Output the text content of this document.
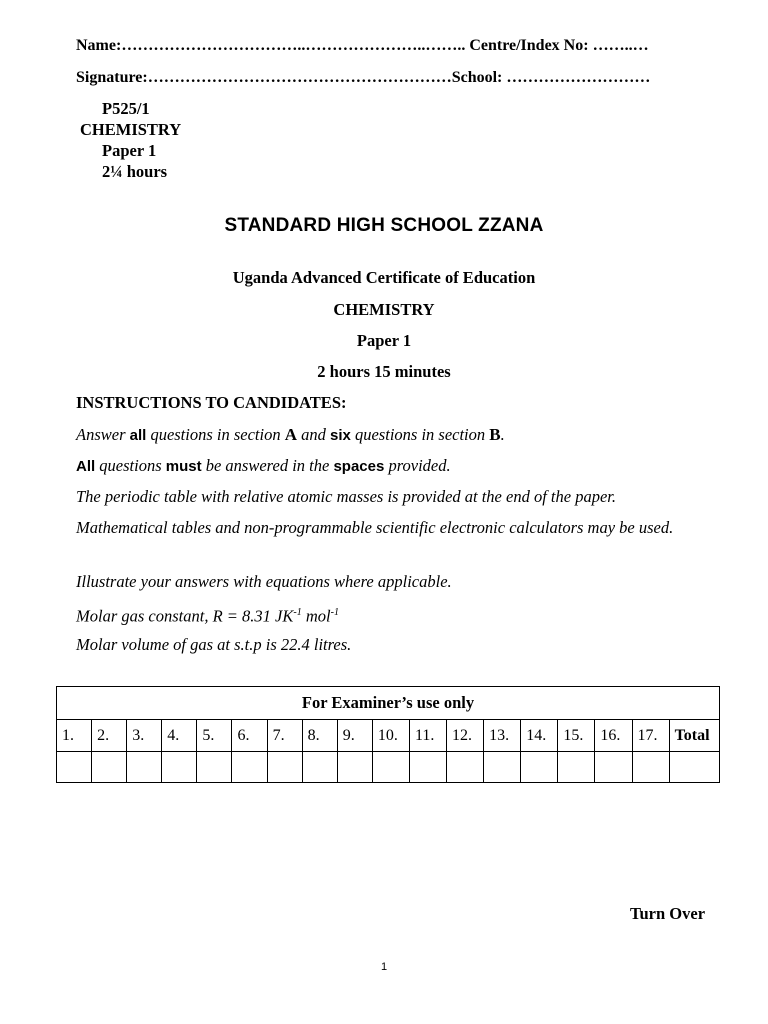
Name:……………………………..…………………..…….. Centre/Index No: ……..…
Signature:…………………………………………………School: ………………………
P525/1
CHEMISTRY
Paper 1
2¼ hours
STANDARD HIGH SCHOOL ZZANA
Uganda Advanced Certificate of Education
CHEMISTRY
Paper 1
2 hours 15 minutes
INSTRUCTIONS TO CANDIDATES:
Answer all questions in section A and six questions in section B.
All questions must be answered in the spaces provided.
The periodic table with relative atomic masses is provided at the end of the paper.
Mathematical tables and non-programmable scientific electronic calculators may be used.
Illustrate your answers with equations where applicable.
Molar gas constant, R = 8.31 $JK^{-1}$ mol$^{-1}$
Molar volume of gas at s.t.p is 22.4 litres.
For Examiner’s use only																	
1.	2.	3.	4.	5.	6.	7.	8.	9.	10.	11.	12.	13.	14.	15.	16.	17.	Total

Turn Over
1
